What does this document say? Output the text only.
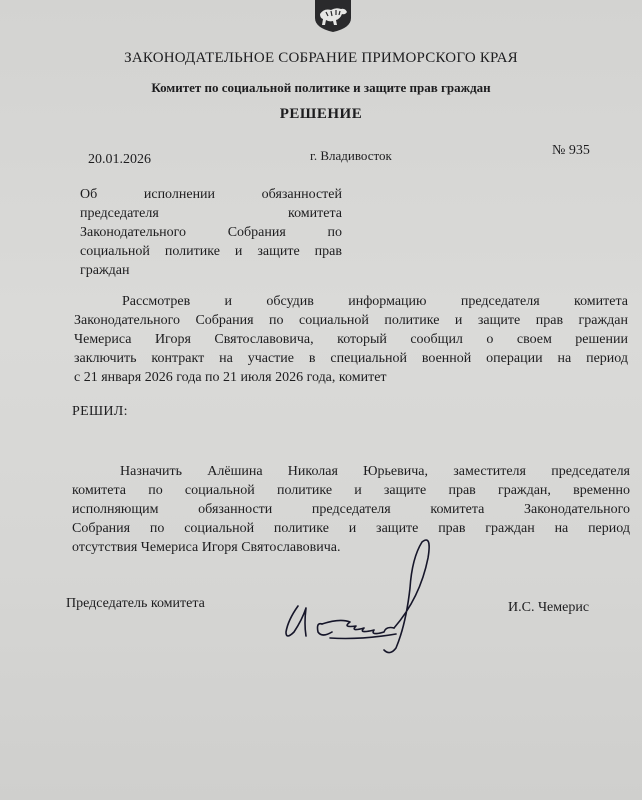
ЗАКОНОДАТЕЛЬНОЕ СОБРАНИЕ ПРИМОРСКОГО КРАЯ
Комитет по социальной политике и защите прав граждан
РЕШЕНИЕ
20.01.2026	г. Владивосток	№ 935
Об исполнении обязанностей
председателя комитета
Законодательного Собрания по
социальной политике и защите прав
граждан
Рассмотрев и обсудив информацию председателя комитета
Законодательного Собрания по социальной политике и защите прав граждан
Чемериса Игоря Святославовича, который сообщил о своем решении
заключить контракт на участие в специальной военной операции на период
с 21 января 2026 года по 21 июля 2026 года, комитет
РЕШИЛ:
Назначить Алёшина Николая Юрьевича, заместителя председателя
комитета по социальной политике и защите прав граждан, временно
исполняющим обязанности председателя комитета Законодательного
Собрания по социальной политике и защите прав граждан на период
отсутствия Чемериса Игоря Святославовича.
Председатель комитета	И.С. Чемерис
